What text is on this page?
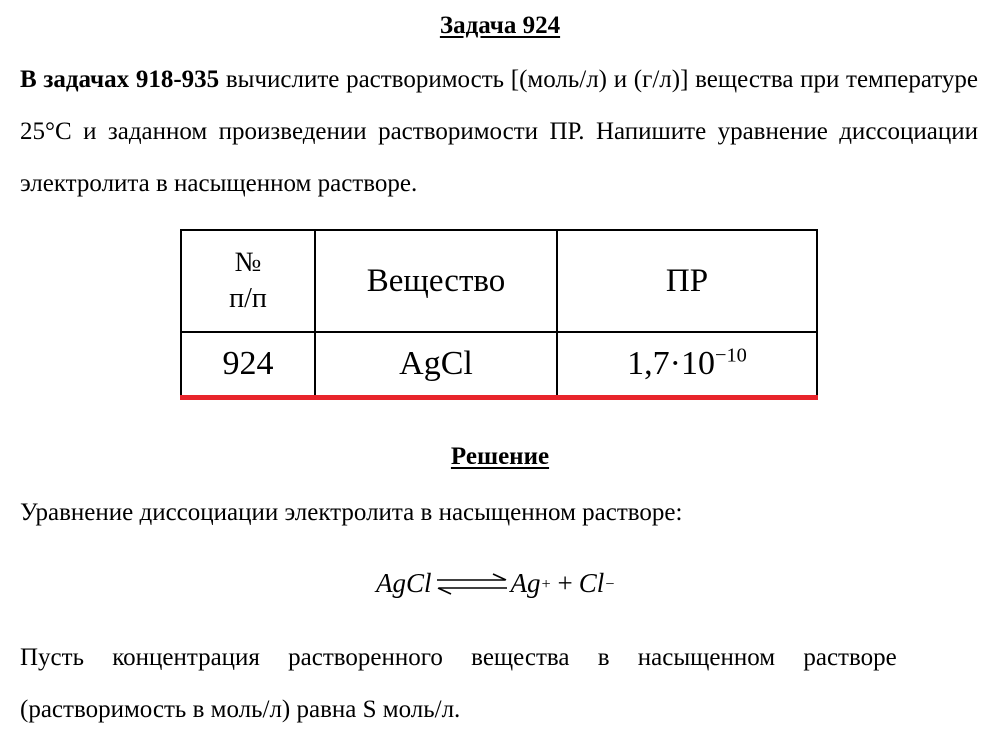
Задача 924

В задачах 918-935 вычислите растворимость [(моль/л) и (г/л)] вещества при температуре 25°С и заданном произведении растворимости ПР. Напишите уравнение диссоциации электролита в насыщенном растворе.

№
п/п	Вещество	ПР
924	AgCl	$1,7\cdot 10^{-10}$
Решение

Уравнение диссоциации электролита в насыщенном растворе:

AgCl ⇌ Ag + + Cl −

Пусть концентрация растворенного вещества в насыщенном растворе

(растворимость в моль/л) равна S моль/л.
